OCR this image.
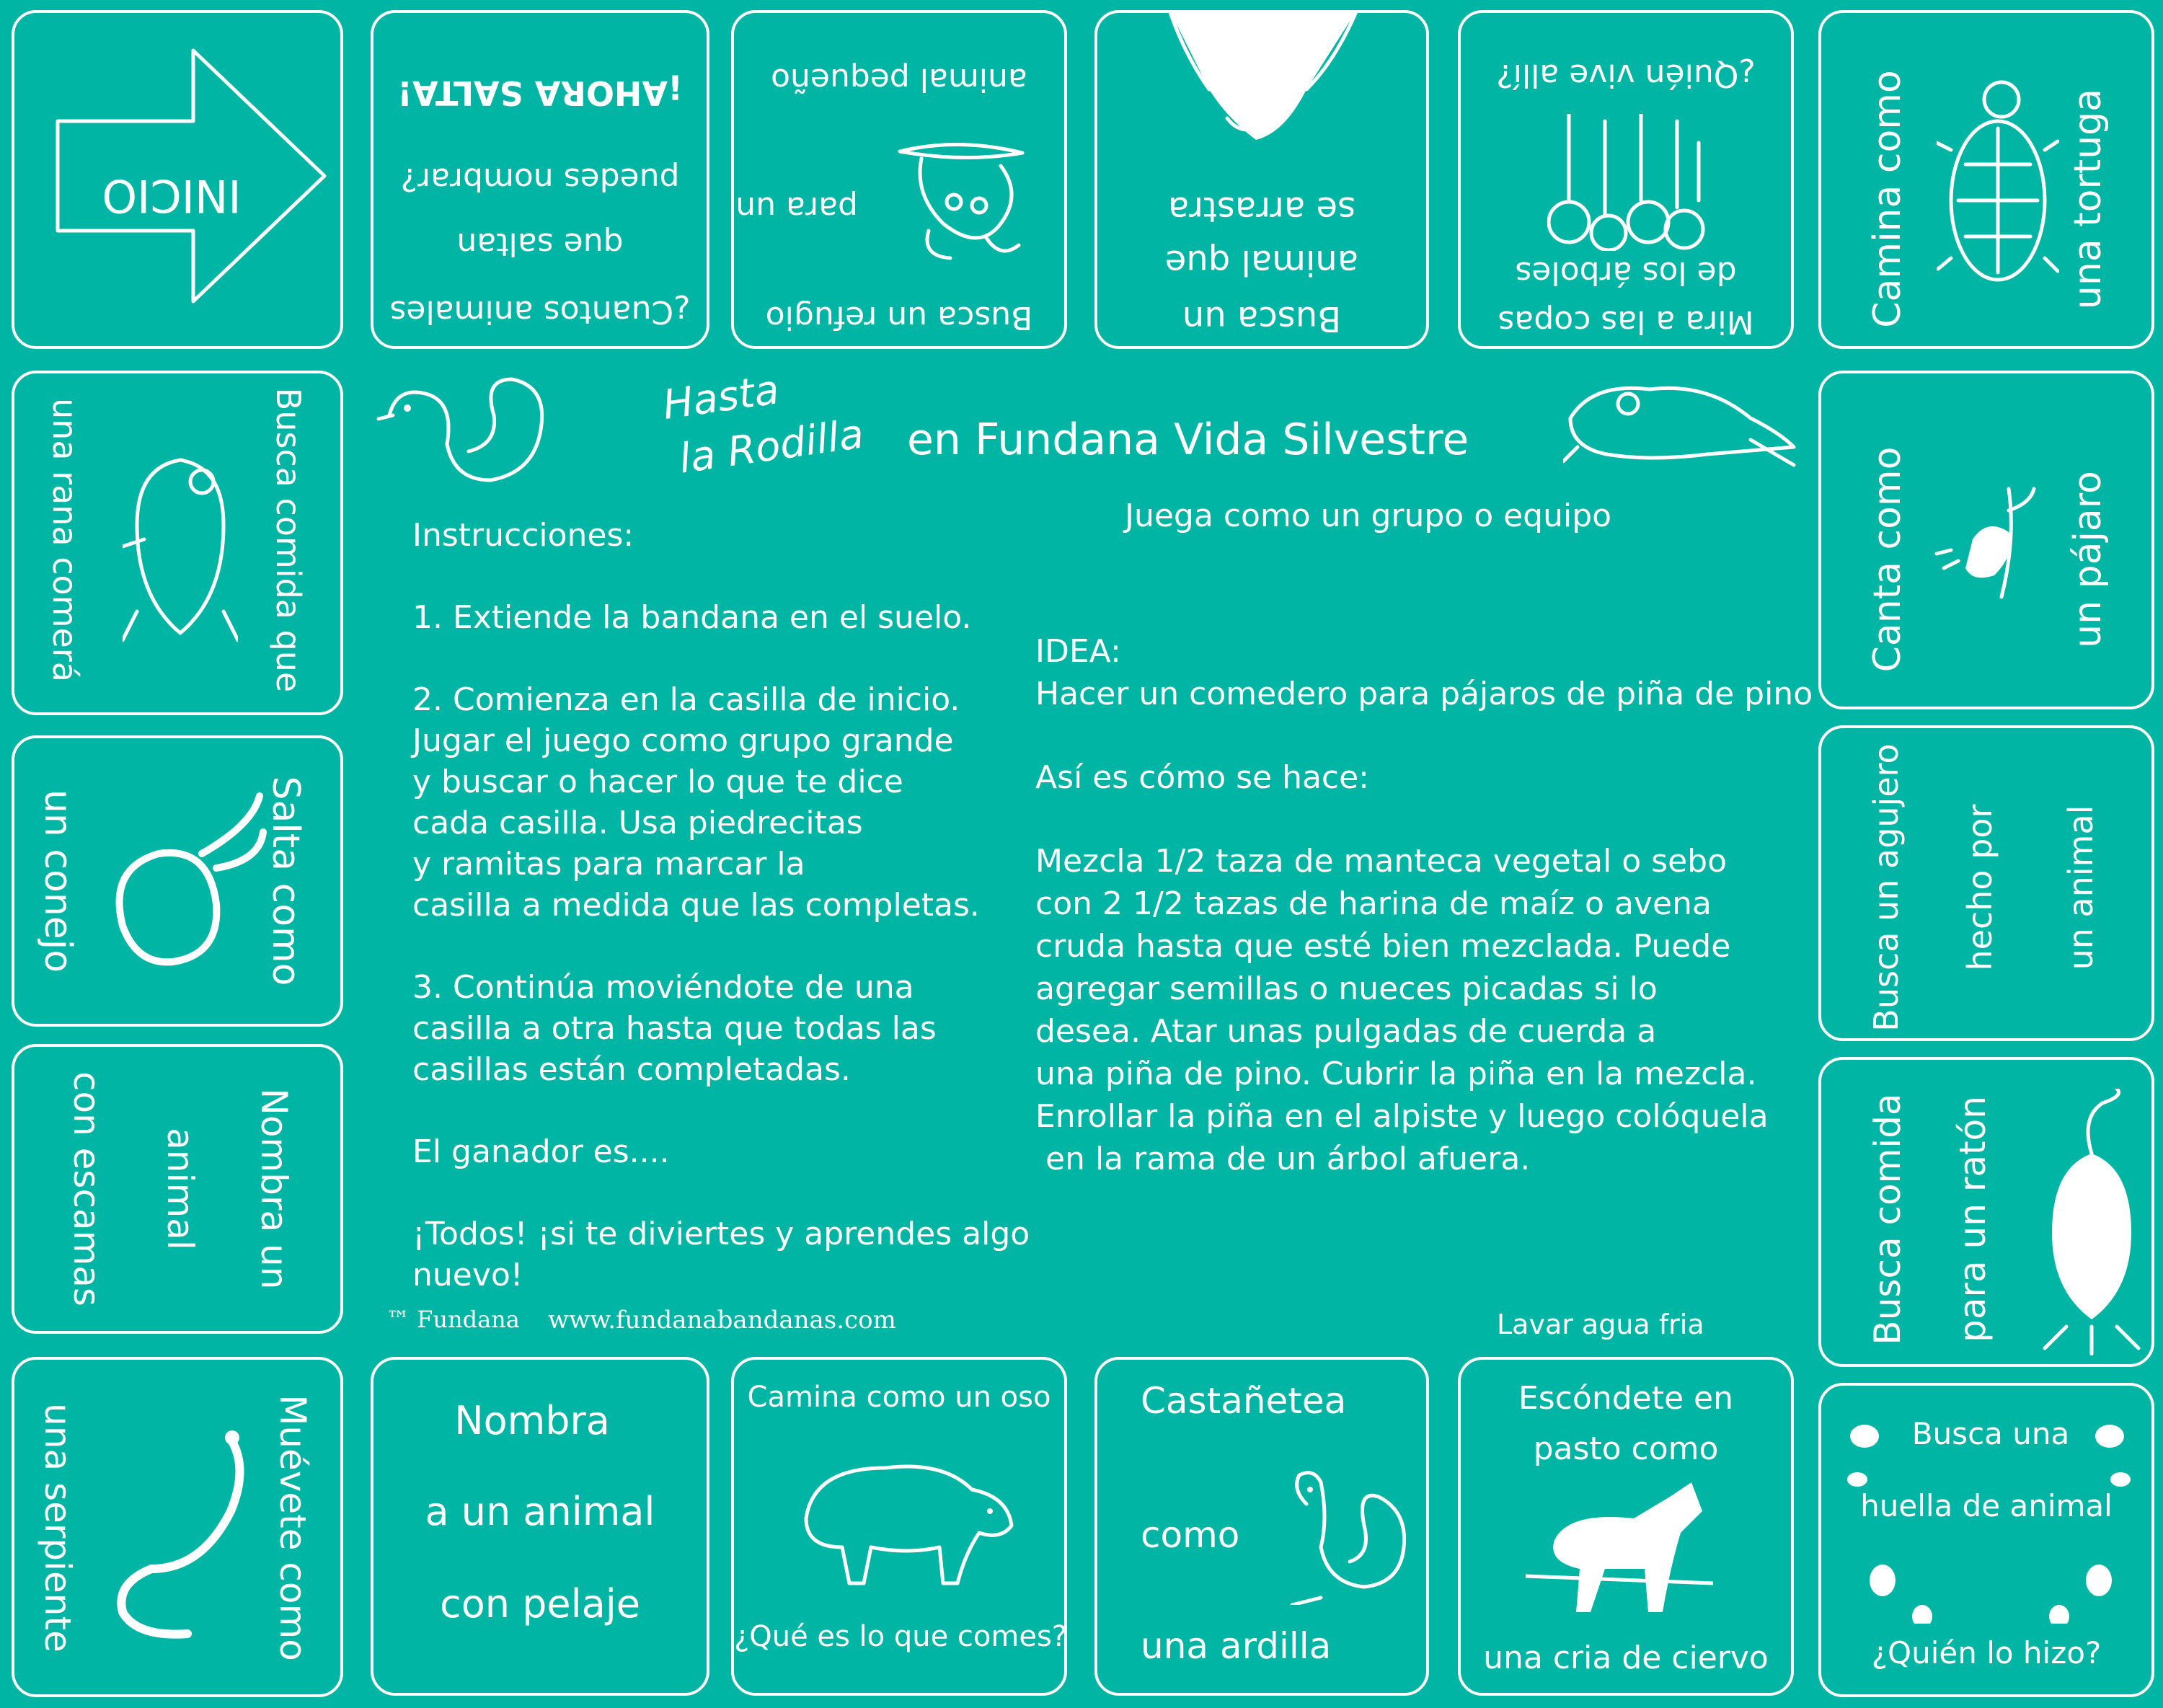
INICIO
¿Cuantos animales
que saltan
puedes nombrar?
¡AHORA SALTA!
Busca un refugio
para un
animal pequeño
Busca un
animal que
se arrastra
Mira a las copas
de los árboles
¿Quién vive allí?	Camina como	una tortuga
Canta como	un pájaro
Busca un agujero hecho por un animal
Busca comida para un ratón
Busca una
huella de animal
¿Quién lo hizo?
Escóndete en
pasto como
una cria de ciervo
Castañetea
como
una ardilla
Camina como un oso
¿Qué es lo que comes?
Nombra
a un animal
con pelaje
Muévete como
una serpiente
Nombra un
animal
con escamas
Salta como
un conejo
Busca comida que
una rana comerá
Hasta
la Rodilla en Fundana Vida Silvestre
Juega como un grupo o equipo
Instrucciones:
1. Extiende la bandana en el suelo.
2. Comienza en la casilla de inicio.
Jugar el juego como grupo grande
y buscar o hacer lo que te dice
cada casilla. Usa piedrecitas
y ramitas para marcar la
casilla a medida que las completas.
3. Continúa moviéndote de una
casilla a otra hasta que todas las
casillas están completadas.
El ganador es....
¡Todos! ¡si te diviertes y aprendes algo
nuevo!
IDEA:
Hacer un comedero para pájaros de piña de pino
Así es cómo se hace:
Mezcla 1/2 taza de manteca vegetal o sebo
con 2 1/2 tazas de harina de maíz o avena
cruda hasta que esté bien mezclada. Puede
agregar semillas o nueces picadas si lo
desea. Atar unas pulgadas de cuerda a
una piña de pino. Cubrir la piña en la mezcla.
Enrollar la piña en el alpiste y luego colóquela
en la rama de un árbol afuera.
™ Fundana	www.fundanabandanas.com	Lavar agua fria
